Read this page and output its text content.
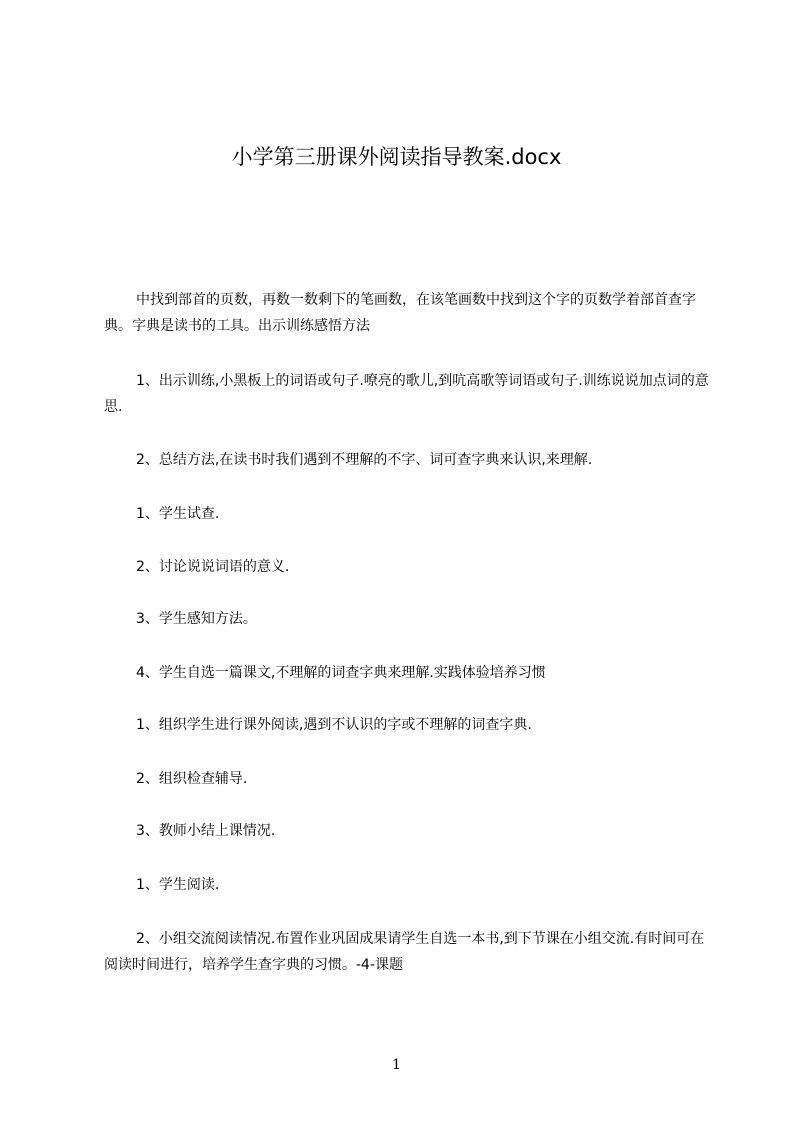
小学第三册课外阅读指导教案.docx
中找到部首的页数，再数一数剩下的笔画数，在该笔画数中找到这个字的页数学着部首查字典。字典是读书的工具。出示训练感悟方法
1、出示训练,小黑板上的词语或句子.嘹亮的歌儿,到吭高歌等词语或句子.训练说说加点词的意思.
2、总结方法,在读书时我们遇到不理解的不字、词可查字典来认识,来理解.
1、学生试查.
2、讨论说说词语的意义.
3、学生感知方法。
4、学生自选一篇课文,不理解的词查字典来理解.实践体验培养习惯
1、组织学生进行课外阅读,遇到不认识的字或不理解的词查字典.
2、组织检查辅导.
3、教师小结上课情况.
1、学生阅读.
2、小组交流阅读情况.布置作业巩固成果请学生自选一本书,到下节课在小组交流.有时间可在阅读时间进行，培养学生查字典的习惯。-4-课题
1
